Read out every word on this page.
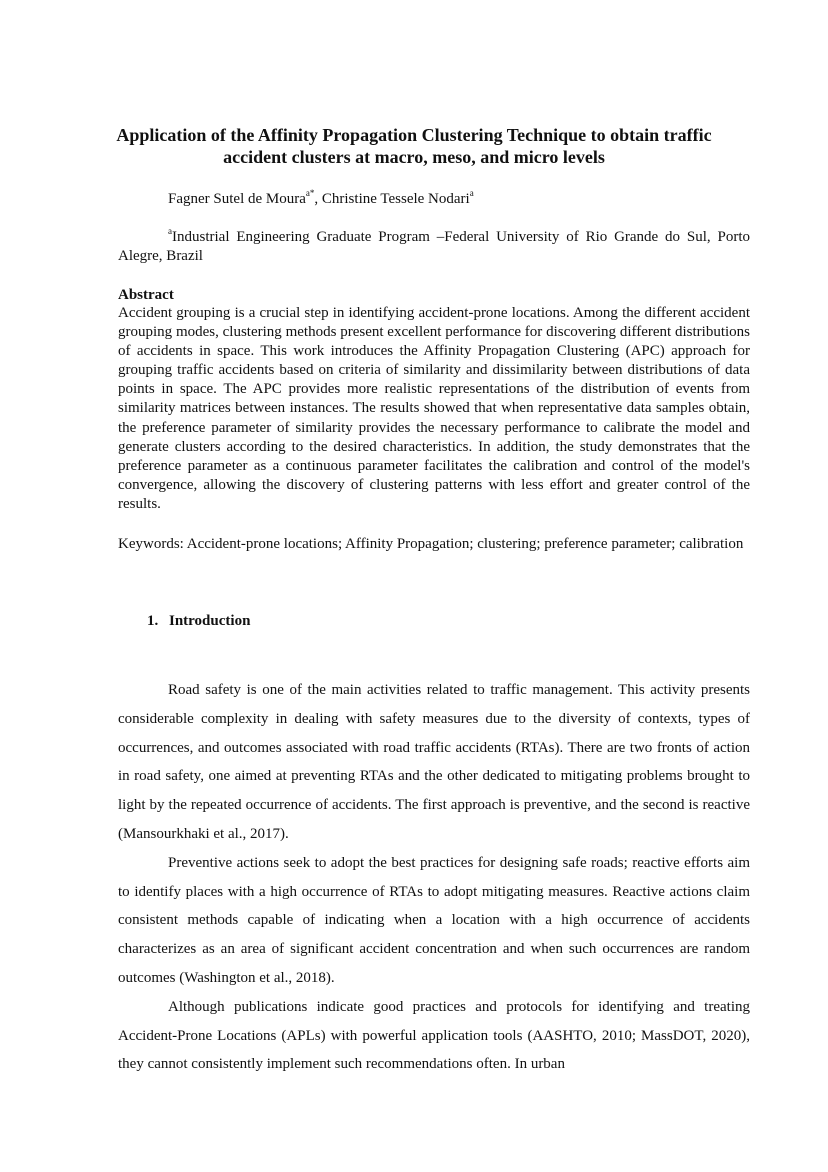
Application of the Affinity Propagation Clustering Technique to obtain traffic accident clusters at macro, meso, and micro levels
Fagner Sutel de Moura$^{a*}$, Christine Tessele Nodari$^a$
$^a$Industrial Engineering Graduate Program –Federal University of Rio Grande do Sul, Porto Alegre, Brazil
Abstract
Accident grouping is a crucial step in identifying accident-prone locations. Among the different accident grouping modes, clustering methods present excellent performance for discovering different distributions of accidents in space. This work introduces the Affinity Propagation Clustering (APC) approach for grouping traffic accidents based on criteria of similarity and dissimilarity between distributions of data points in space. The APC provides more realistic representations of the distribution of events from similarity matrices between instances. The results showed that when representative data samples obtain, the preference parameter of similarity provides the necessary performance to calibrate the model and generate clusters according to the desired characteristics. In addition, the study demonstrates that the preference parameter as a continuous parameter facilitates the calibration and control of the model's convergence, allowing the discovery of clustering patterns with less effort and greater control of the results.
Keywords: Accident-prone locations; Affinity Propagation; clustering; preference parameter; calibration
1. Introduction

Road safety is one of the main activities related to traffic management. This activity presents considerable complexity in dealing with safety measures due to the diversity of contexts, types of occurrences, and outcomes associated with road traffic accidents (RTAs). There are two fronts of action in road safety, one aimed at preventing RTAs and the other dedicated to mitigating problems brought to light by the repeated occurrence of accidents. The first approach is preventive, and the second is reactive (Mansourkhaki et al., 2017).

Preventive actions seek to adopt the best practices for designing safe roads; reactive efforts aim to identify places with a high occurrence of RTAs to adopt mitigating measures. Reactive actions claim consistent methods capable of indicating when a location with a high occurrence of accidents characterizes as an area of significant accident concentration and when such occurrences are random outcomes (Washington et al., 2018).

Although publications indicate good practices and protocols for identifying and treating Accident-Prone Locations (APLs) with powerful application tools (AASHTO, 2010; MassDOT, 2020), they cannot consistently implement such recommendations often. In urban
